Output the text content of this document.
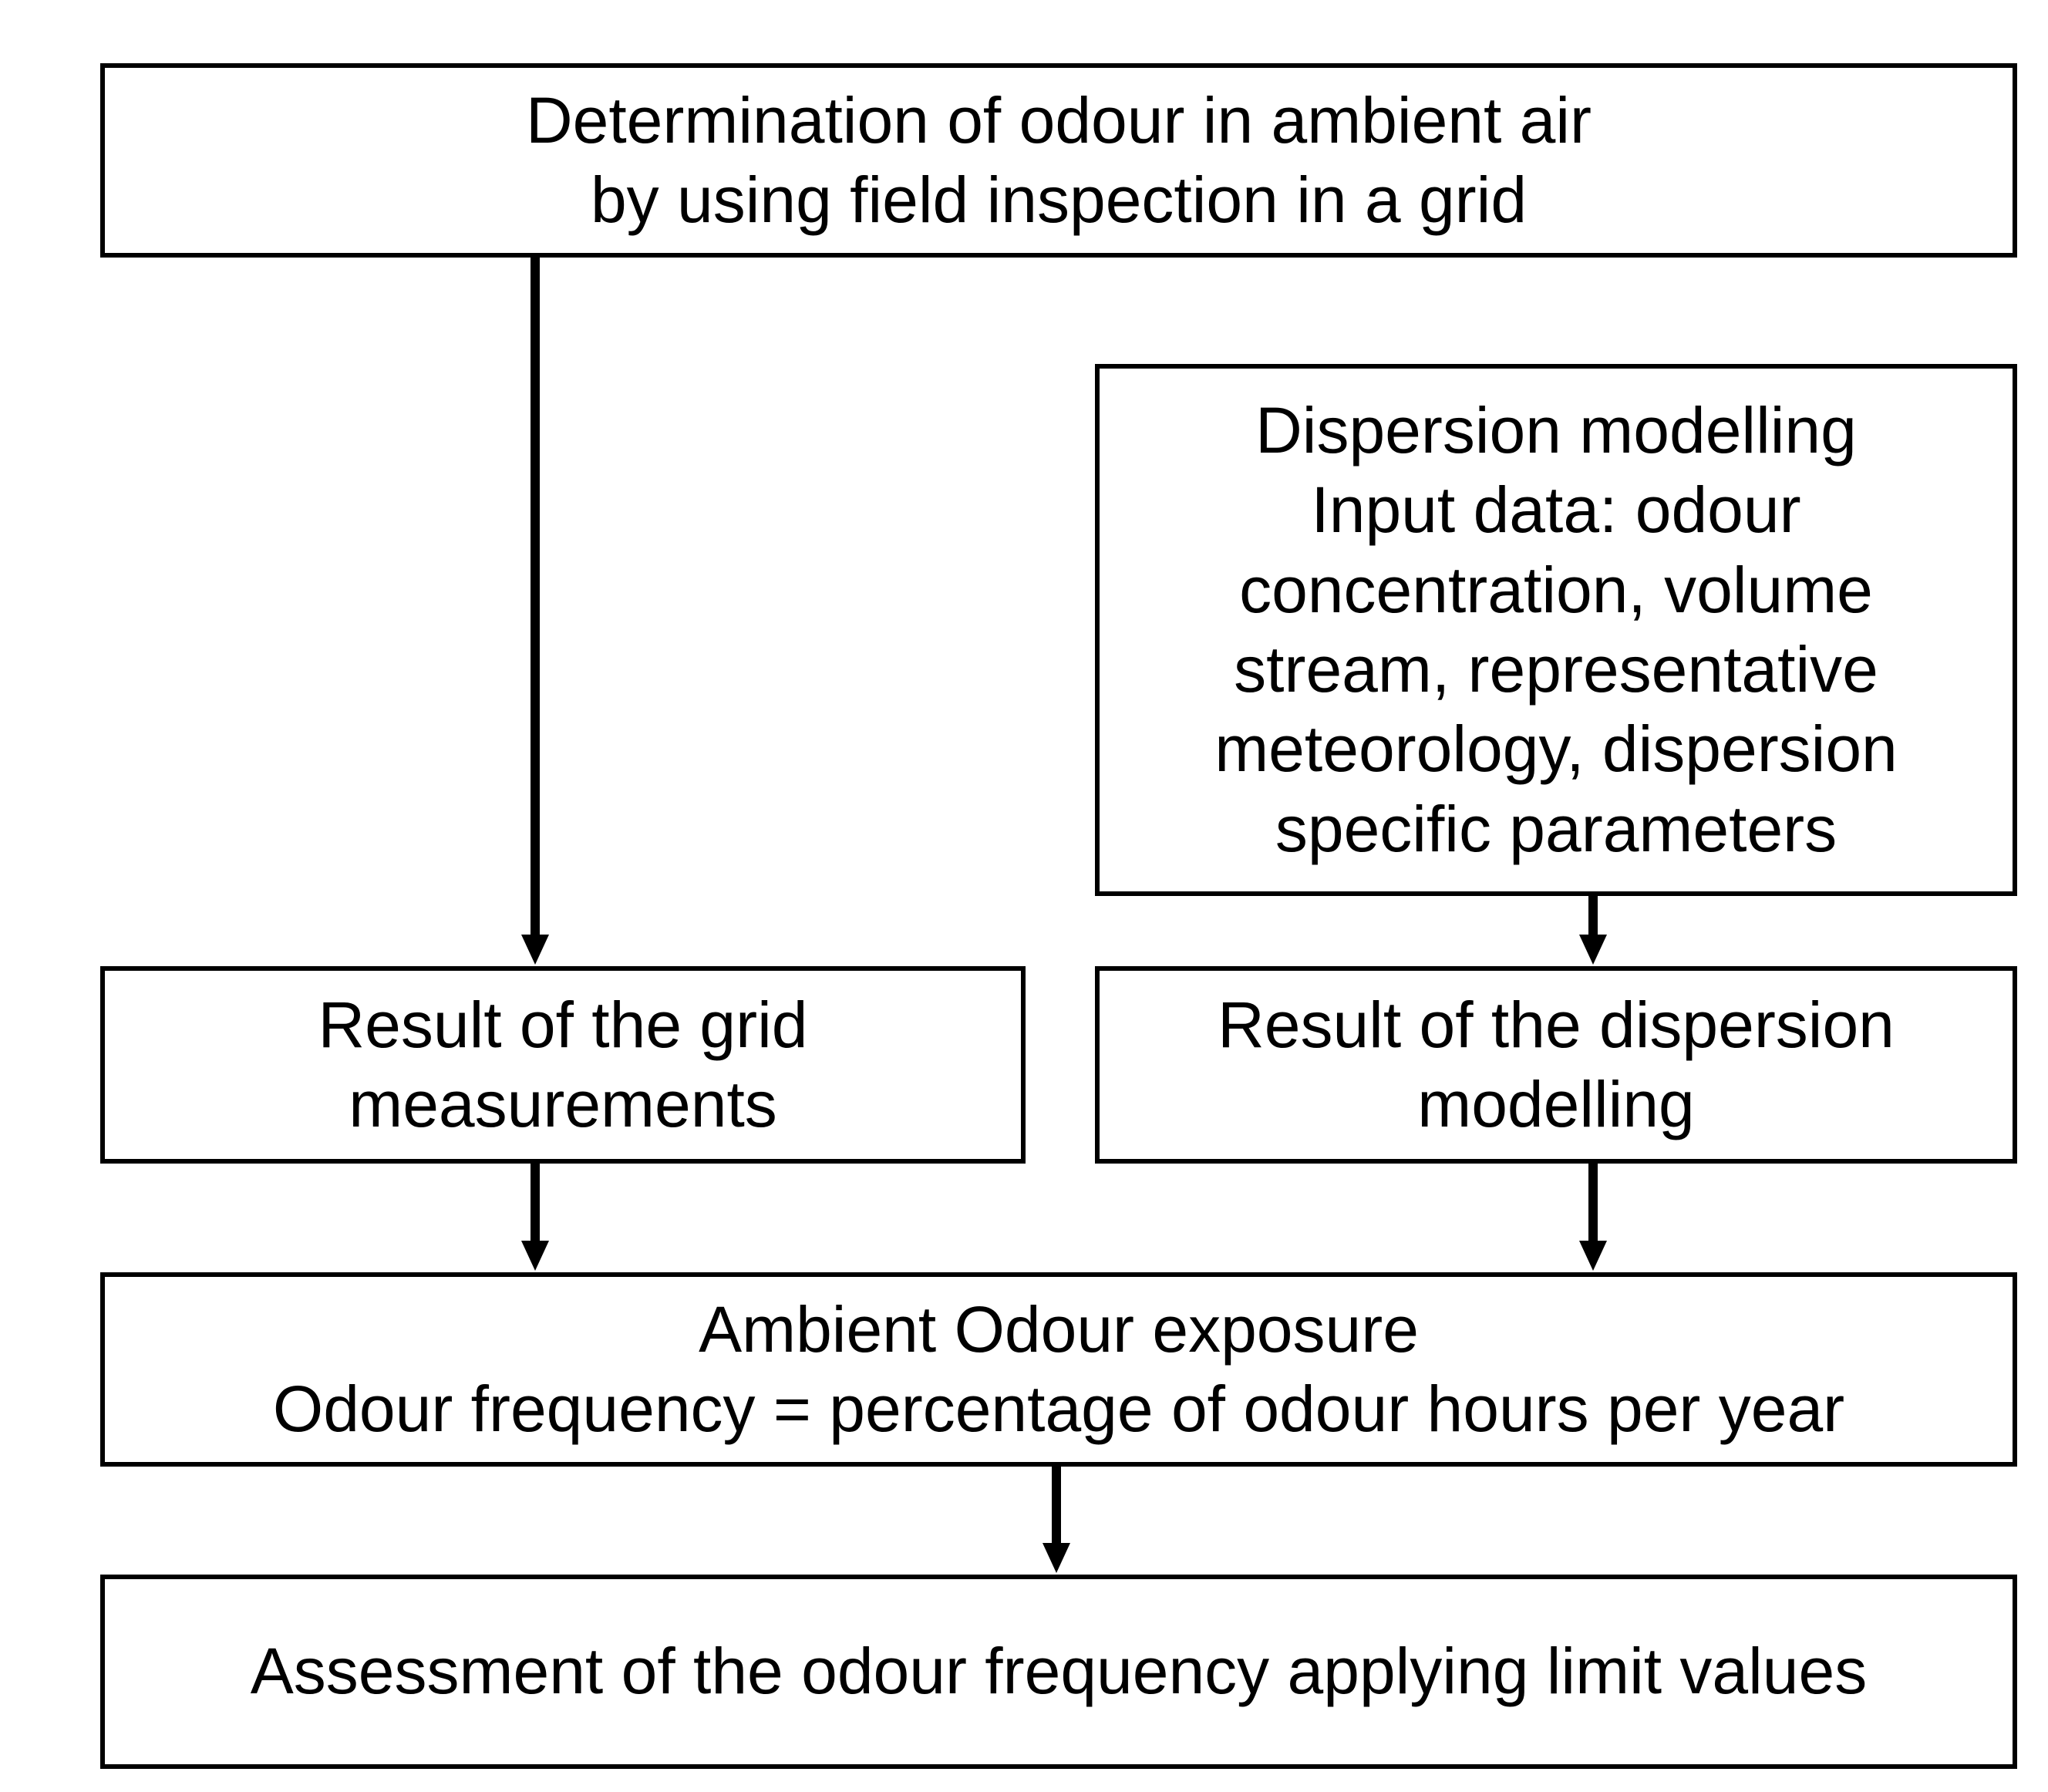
Determination of odour in ambient air
by using field inspection in a grid
Dispersion modelling
Input data: odour
concentration, volume
stream, representative
meteorology, dispersion
specific parameters
Result of the grid
measurements
Result of the dispersion
modelling
Ambient Odour exposure
Odour frequency = percentage of odour hours per year
Assessment of the odour frequency applying limit values
